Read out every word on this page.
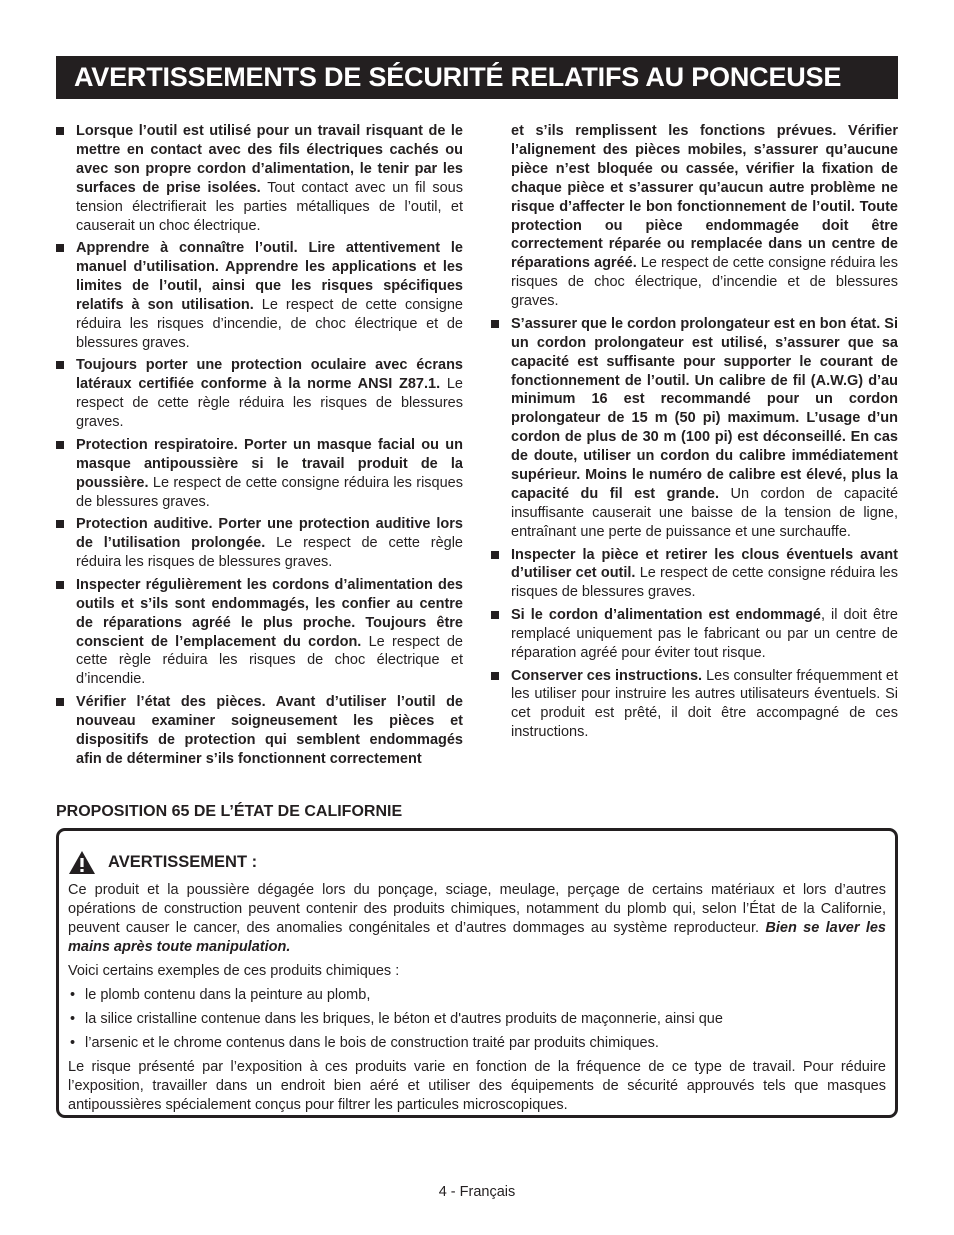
AVERTISSEMENTS DE SÉCURITÉ RELATIFS AU PONCEUSE
Lorsque l’outil est utilisé pour un travail risquant de le mettre en contact avec des fils électriques cachés ou avec son propre cordon d’alimentation, le tenir par les surfaces de prise isolées. Tout contact avec un fil sous tension électrifierait les parties métalliques de l’outil, et causerait un choc électrique.
Apprendre à connaître l’outil. Lire attentivement le manuel d’utilisation. Apprendre les applications et les limites de l’outil, ainsi que les risques spécifiques relatifs à son utilisation. Le respect de cette consigne réduira les risques d’incendie, de choc électrique et de blessures graves.
Toujours porter une protection oculaire avec écrans latéraux certifiée conforme à la norme ANSI Z87.1. Le respect de cette règle réduira les risques de blessures graves.
Protection respiratoire. Porter un masque facial ou un masque antipoussière si le travail produit de la poussière. Le respect de cette consigne réduira les risques de blessures graves.
Protection auditive. Porter une protection auditive lors de l’utilisation prolongée. Le respect de cette règle réduira les risques de blessures graves.
Inspecter régulièrement les cordons d’alimentation des outils et s’ils sont endommagés, les confier au centre de réparations agréé le plus proche. Toujours être conscient de l’emplacement du cordon. Le respect de cette règle réduira les risques de choc électrique et d’incendie.
Vérifier l’état des pièces. Avant d’utiliser l’outil de nouveau examiner soigneusement les pièces et dispositifs de protection qui semblent endommagés afin de déterminer s’ils fonctionnent correctement
et s’ils remplissent les fonctions prévues. Vérifier l’alignement des pièces mobiles, s’assurer qu’aucune pièce n’est bloquée ou cassée, vérifier la fixation de chaque pièce et s’assurer qu’aucun autre problème ne risque d’affecter le bon fonctionnement de l’outil. Toute protection ou pièce endommagée doit être correctement réparée ou remplacée dans un centre de réparations agréé. Le respect de cette consigne réduira les risques de choc électrique, d’incendie et de blessures graves.
S’assurer que le cordon prolongateur est en bon état. Si un cordon prolongateur est utilisé, s’assurer que sa capacité est suffisante pour supporter le courant de fonctionnement de l’outil. Un calibre de fil (A.W.G) d’au minimum 16 est recommandé pour un cordon prolongateur de 15 m (50 pi) maximum. L’usage d’un cordon de plus de 30 m (100 pi) est déconseillé. En cas de doute, utiliser un cordon du calibre immédiatement supérieur. Moins le numéro de calibre est élevé, plus la capacité du fil est grande. Un cordon de capacité insuffisante causerait une baisse de la tension de ligne, entraînant une perte de puissance et une surchauffe.
Inspecter la pièce et retirer les clous éventuels avant d’utiliser cet outil. Le respect de cette consigne réduira les risques de blessures graves.
Si le cordon d’alimentation est endommagé, il doit être remplacé uniquement pas le fabricant ou par un centre de réparation agréé pour éviter tout risque.
Conserver ces instructions. Les consulter fréquemment et les utiliser pour instruire les autres utilisateurs éventuels. Si cet produit est prêté, il doit être accompagné de ces instructions.
PROPOSITION 65 DE L’ÉTAT DE CALIFORNIE
AVERTISSEMENT :

Ce produit et la poussière dégagée lors du ponçage, sciage, meulage, perçage de certains matériaux et lors d’autres opérations de construction peuvent contenir des produits chimiques, notamment du plomb qui, selon l’État de la Californie, peuvent causer le cancer, des anomalies congénitales et d’autres dommages au système reproducteur. Bien se laver les mains après toute manipulation.

Voici certains exemples de ces produits chimiques :

• le plomb contenu dans la peinture au plomb,
• la silice cristalline contenue dans les briques, le béton et d'autres produits de maçonnerie, ainsi que
• l’arsenic et le chrome contenus dans le bois de construction traité par produits chimiques.

Le risque présenté par l’exposition à ces produits varie en fonction de la fréquence de ce type de travail. Pour réduire l’exposition, travailler dans un endroit bien aéré et utiliser des équipements de sécurité approuvés tels que masques antipoussières spécialement conçus pour filtrer les particules microscopiques.

4 - Français
